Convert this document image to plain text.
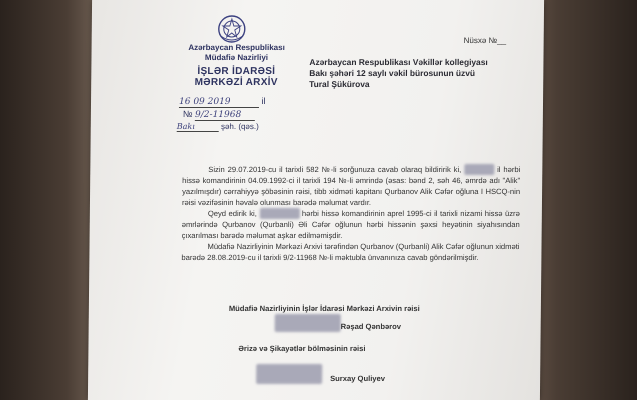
Azərbaycan Respublikası
Müdafiə Nazirliyi
İŞLƏR İDARƏSİ
MƏRKƏZİ ARXİV
16 09 2019	il
№ 9/2-11968
Bakı	şəh. (qəs.)
Nüsxə №__
Azərbaycan Respublikası Vəkillər kollegiyası
Bakı şəhəri 12 saylı vəkil bürosunun üzvü
Tural Şükürova

Sizin 29.07.2019-cu il tarixli 582 №-li sorğunuza cavab olaraq bildiririk ki,	il hərbi hissə komandirinin 04.09.1992-ci il tarixli 194 №-li əmrində (əsas: bənd 2, səh 46, əmrdə adı "Alik" yazılmışdır) cərrahiyyə şöbəsinin rəisi, tibb xidməti kapitanı Qurbanov Alik Cəfər oğluna I HSCQ-nin rəisi vəzifəsinin həvalə olunması barədə məlumat vardır.

Qeyd edirik ki,	hərbi hissə komandirinin aprel 1995-ci il tarixli nizami hissə üzrə əmrlərində Qurbanov (Qurbanli) Əli Cəfər oğlunun hərbi hissənin şəxsi heyətinin siyahısından çıxarılması barədə məlumat aşkar edilməmişdir.

Müdafiə Nazirliyinin Mərkəzi Arxivi tərəfindən Qurbanov (Qurbanli) Alik Cəfər oğlunun xidməti barədə 28.08.2019-cu il tarixli 9/2-11968 №-li məktubla ünvanınıza cavab göndərilmişdir.

Müdafiə Nazirliyinin İşlər İdarəsi Mərkəzi Arxivin rəisi
Rəşad Qənbərov
Ərizə və Şikayətlər bölməsinin rəisi
Surxay Quliyev
